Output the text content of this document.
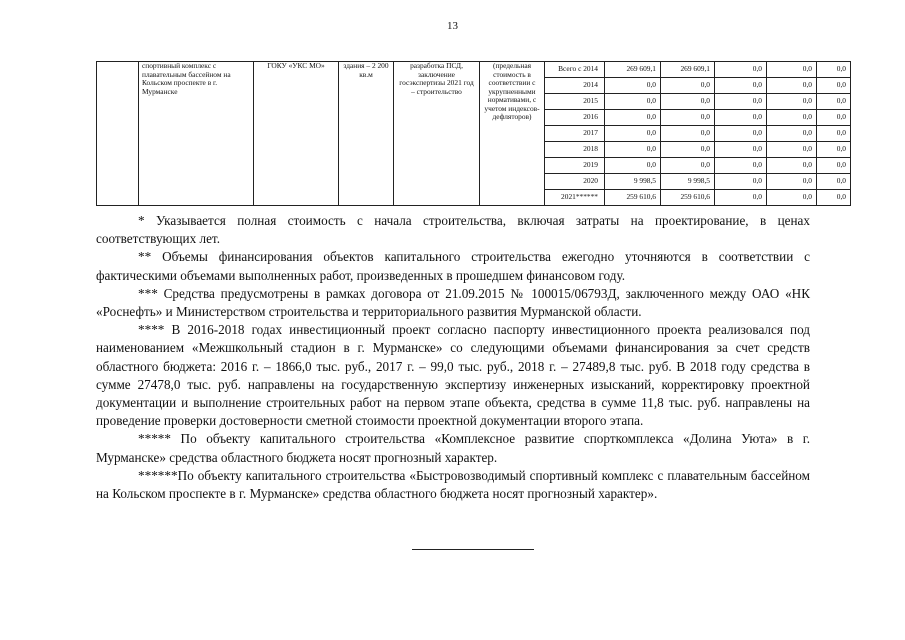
13
	спортивный комплекс с плавательным бассейном на Кольском проспекте в г. Мурманске	ГОКУ «УКС МО»	здания – 2 200 кв.м	разработка ПСД, заключение госэкспертизы 2021 год – строительство	(предельная стоимость в соответствии с укрупненными нормативами, с учетом индексов-дефляторов)	Всего с 2014	269 609,1	269 609,1	0,0	0,0	0,0
						2014	0,0	0,0	0,0	0,0	0,0
						2015	0,0	0,0	0,0	0,0	0,0
						2016	0,0	0,0	0,0	0,0	0,0
						2017	0,0	0,0	0,0	0,0	0,0
						2018	0,0	0,0	0,0	0,0	0,0
						2019	0,0	0,0	0,0	0,0	0,0
						2020	9 998,5	9 998,5	0,0	0,0	0,0
						2021******	259 610,6	259 610,6	0,0	0,0	0,0

* Указывается полная стоимость с начала строительства, включая затраты на проектирование, в ценах соответствующих лет.

** Объемы финансирования объектов капитального строительства ежегодно уточняются в соответствии с фактическими объемами выполненных работ, произведенных в прошедшем финансовом году.

*** Средства предусмотрены в рамках договора от 21.09.2015 № 100015/06793Д, заключенного между ОАО «НК «Роснефть» и Министерством строительства и территориального развития Мурманской области.

**** В 2016-2018 годах инвестиционный проект согласно паспорту инвестиционного проекта реализовался под наименованием «Межшкольный стадион в г. Мурманске» со следующими объемами финансирования за счет средств областного бюджета: 2016 г. – 1866,0 тыс. руб., 2017 г. – 99,0 тыс. руб., 2018 г. – 27489,8 тыс. руб. В 2018 году средства в сумме 27478,0 тыс. руб. направлены на государственную экспертизу инженерных изысканий, корректировку проектной документации и выполнение строительных работ на первом этапе объекта, средства в сумме 11,8 тыс. руб. направлены на проведение проверки достоверности сметной стоимости проектной документации второго этапа.

***** По объекту капитального строительства «Комплексное развитие спорткомплекса «Долина Уюта» в г. Мурманске» средства областного бюджета носят прогнозный характер.

******По объекту капитального строительства «Быстровозводимый спортивный комплекс с плавательным бассейном на Кольском проспекте в г. Мурманске» средства областного бюджета носят прогнозный характер».
